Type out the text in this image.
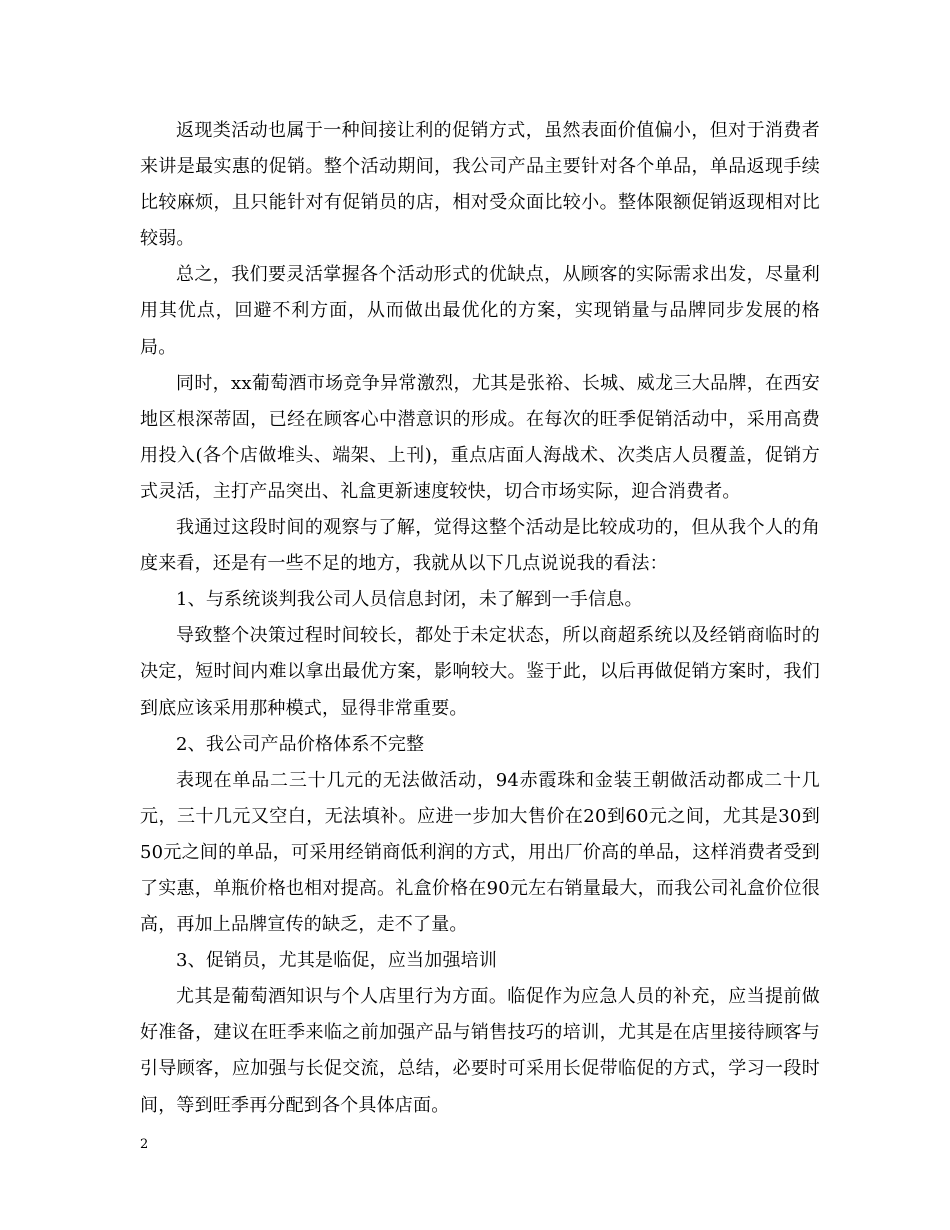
返现类活动也属于一种间接让利的促销方式，虽然表面价值偏小，但对于消费者来讲是最实惠的促销。整个活动期间，我公司产品主要针对各个单品，单品返现手续比较麻烦，且只能针对有促销员的店，相对受众面比较小。整体限额促销返现相对比较弱。

总之，我们要灵活掌握各个活动形式的优缺点，从顾客的实际需求出发，尽量利用其优点，回避不利方面，从而做出最优化的方案，实现销量与品牌同步发展的格局。

同时，xx葡萄酒市场竞争异常激烈，尤其是张裕、长城、威龙三大品牌，在西安地区根深蒂固，已经在顾客心中潜意识的形成。在每次的旺季促销活动中，采用高费用投入(各个店做堆头、端架、上刊)，重点店面人海战术、次类店人员覆盖，促销方式灵活，主打产品突出、礼盒更新速度较快，切合市场实际，迎合消费者。

我通过这段时间的观察与了解，觉得这整个活动是比较成功的，但从我个人的角度来看，还是有一些不足的地方，我就从以下几点说说我的看法：

1、与系统谈判我公司人员信息封闭，未了解到一手信息。

导致整个决策过程时间较长，都处于未定状态，所以商超系统以及经销商临时的决定，短时间内难以拿出最优方案，影响较大。鉴于此，以后再做促销方案时，我们到底应该采用那种模式，显得非常重要。

2、我公司产品价格体系不完整

表现在单品二三十几元的无法做活动，94赤霞珠和金装王朝做活动都成二十几元，三十几元又空白，无法填补。应进一步加大售价在20到60元之间，尤其是30到50元之间的单品，可采用经销商低利润的方式，用出厂价高的单品，这样消费者受到了实惠，单瓶价格也相对提高。礼盒价格在90元左右销量最大，而我公司礼盒价位很高，再加上品牌宣传的缺乏，走不了量。

3、促销员，尤其是临促，应当加强培训

尤其是葡萄酒知识与个人店里行为方面。临促作为应急人员的补充，应当提前做好准备，建议在旺季来临之前加强产品与销售技巧的培训，尤其是在店里接待顾客与引导顾客，应加强与长促交流，总结，必要时可采用长促带临促的方式，学习一段时间，等到旺季再分配到各个具体店面。

2
